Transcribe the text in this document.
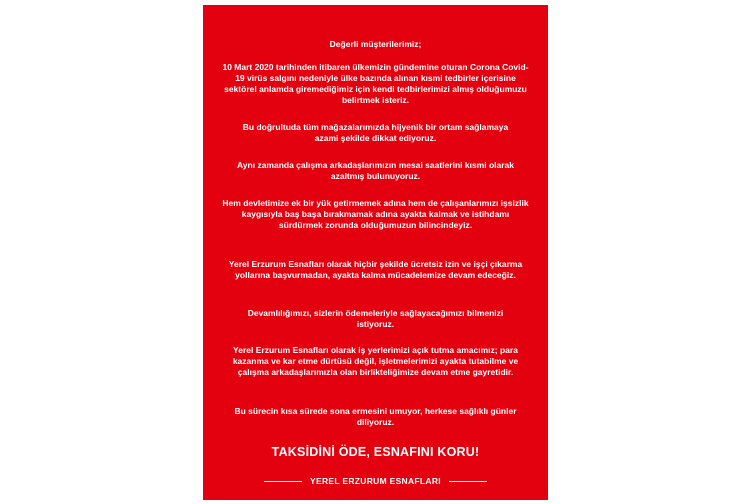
Değerli müşterilerimiz;

10 Mart 2020 tarihinden itibaren ülkemizin gündemine oturan Corona Covid-19 virüs salgını nedeniyle ülke bazında alınan kısmi tedbirler içerisine sektörel anlamda giremediğimiz için kendi tedbirlerimizi almış olduğumuzu belirtmek isteriz.

Bu doğrultuda tüm mağazalarımızda hijyenik bir ortam sağlamaya azami şekilde dikkat ediyoruz.

Aynı zamanda çalışma arkadaşlarımızın mesai saatlerini kısmi olarak azaltmış bulunuyoruz.

Hem devletimize ek bir yük getirmemek adına hem de çalışanlarımızı işsizlik kaygısıyla baş başa bırakmamak adına ayakta kalmak ve istihdamı sürdürmek zorunda olduğumuzun bilincindeyiz.

Yerel Erzurum Esnafları olarak hiçbir şekilde ücretsiz izin ve işçi çıkarma yollarına başvurmadan, ayakta kalma mücadelemize devam edeceğiz.

Devamlılığımızı, sizlerin ödemeleriyle sağlayacağımızı bilmenizi istiyoruz.

Yerel Erzurum Esnafları olarak iş yerlerimizi açık tutma amacımız; para kazanma ve kar etme dürtüsü değil, işletmelerimizi ayakta tutabilme ve çalışma arkadaşlarımızla olan birlikteliğimize devam etme gayretidir.

Bu sürecin kısa sürede sona ermesini umuyor, herkese sağlıklı günler diliyoruz.

TAKSİDİNİ ÖDE, ESNAFINI KORU!
YEREL ERZURUM ESNAFLARI
